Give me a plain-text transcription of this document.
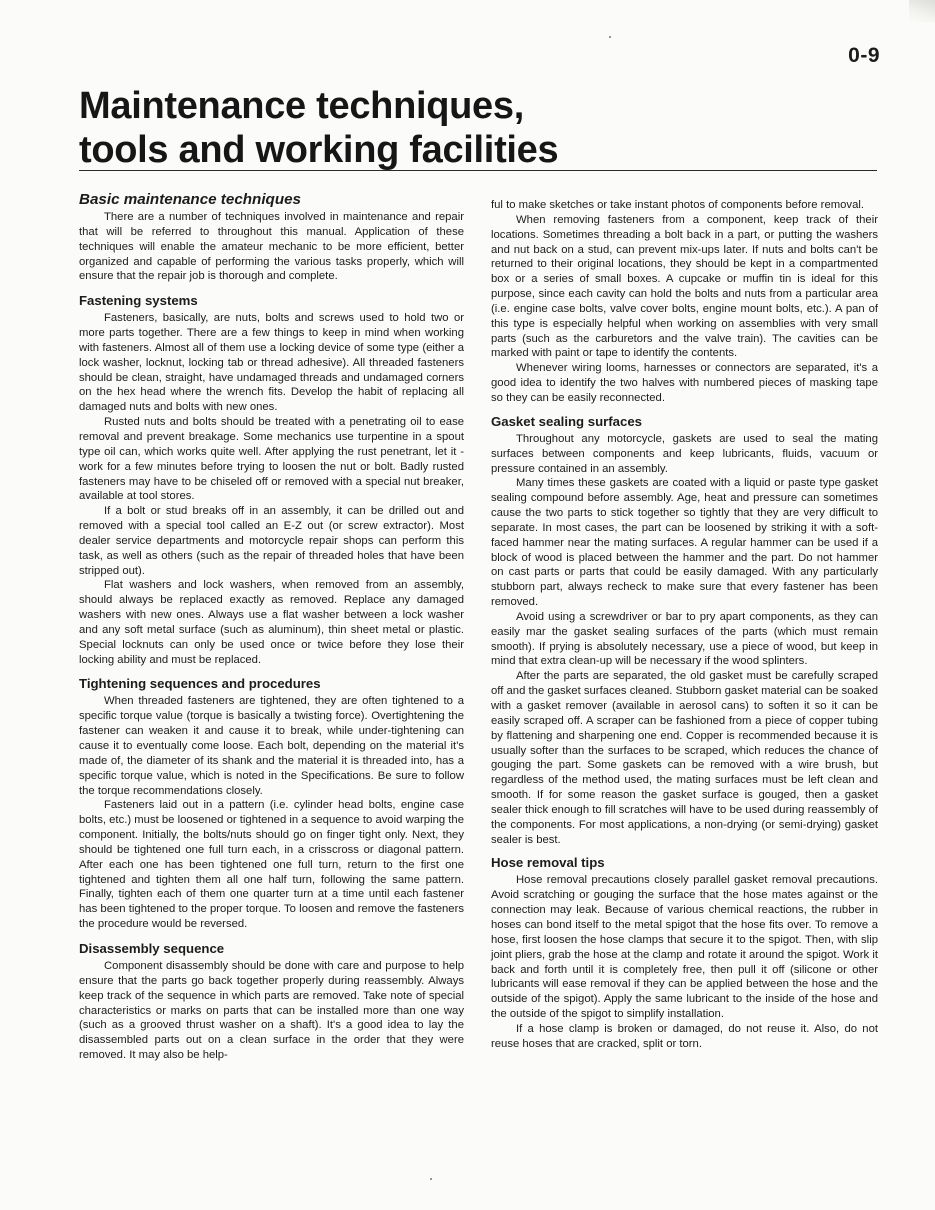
0-9
Maintenance techniques,
tools and working facilities
Basic maintenance techniques

There are a number of techniques involved in maintenance and repair that will be referred to throughout this manual. Application of these techniques will enable the amateur mechanic to be more efficient, better organized and capable of performing the various tasks properly, which will ensure that the repair job is thorough and complete.

Fastening systems

Fasteners, basically, are nuts, bolts and screws used to hold two or more parts together. There are a few things to keep in mind when working with fasteners. Almost all of them use a locking device of some type (either a lock washer, locknut, locking tab or thread adhesive). All threaded fasteners should be clean, straight, have undamaged threads and undamaged corners on the hex head where the wrench fits. Develop the habit of replacing all damaged nuts and bolts with new ones.

Rusted nuts and bolts should be treated with a penetrating oil to ease removal and prevent breakage. Some mechanics use turpentine in a spout type oil can, which works quite well. After applying the rust penetrant, let it -work for a few minutes before trying to loosen the nut or bolt. Badly rusted fasteners may have to be chiseled off or removed with a special nut breaker, available at tool stores.

If a bolt or stud breaks off in an assembly, it can be drilled out and removed with a special tool called an E-Z out (or screw extractor). Most dealer service departments and motorcycle repair shops can perform this task, as well as others (such as the repair of threaded holes that have been stripped out).

Flat washers and lock washers, when removed from an assembly, should always be replaced exactly as removed. Replace any damaged washers with new ones. Always use a flat washer between a lock washer and any soft metal surface (such as aluminum), thin sheet metal or plastic. Special locknuts can only be used once or twice before they lose their locking ability and must be replaced.

Tightening sequences and procedures

When threaded fasteners are tightened, they are often tightened to a specific torque value (torque is basically a twisting force). Overtightening the fastener can weaken it and cause it to break, while under-tightening can cause it to eventually come loose. Each bolt, depending on the material it's made of, the diameter of its shank and the material it is threaded into, has a specific torque value, which is noted in the Specifications. Be sure to follow the torque recommendations closely.

Fasteners laid out in a pattern (i.e. cylinder head bolts, engine case bolts, etc.) must be loosened or tightened in a sequence to avoid warping the component. Initially, the bolts/nuts should go on finger tight only. Next, they should be tightened one full turn each, in a crisscross or diagonal pattern. After each one has been tightened one full turn, return to the first one tightened and tighten them all one half turn, following the same pattern. Finally, tighten each of them one quarter turn at a time until each fastener has been tightened to the proper torque. To loosen and remove the fasteners the procedure would be reversed.

Disassembly sequence

Component disassembly should be done with care and purpose to help ensure that the parts go back together properly during reassembly. Always keep track of the sequence in which parts are removed. Take note of special characteristics or marks on parts that can be installed more than one way (such as a grooved thrust washer on a shaft). It's a good idea to lay the disassembled parts out on a clean surface in the order that they were removed. It may also be help-

ful to make sketches or take instant photos of components before removal.

When removing fasteners from a component, keep track of their locations. Sometimes threading a bolt back in a part, or putting the washers and nut back on a stud, can prevent mix-ups later. If nuts and bolts can't be returned to their original locations, they should be kept in a compartmented box or a series of small boxes. A cupcake or muffin tin is ideal for this purpose, since each cavity can hold the bolts and nuts from a particular area (i.e. engine case bolts, valve cover bolts, engine mount bolts, etc.). A pan of this type is especially helpful when working on assemblies with very small parts (such as the carburetors and the valve train). The cavities can be marked with paint or tape to identify the contents.

Whenever wiring looms, harnesses or connectors are separated, it's a good idea to identify the two halves with numbered pieces of masking tape so they can be easily reconnected.

Gasket sealing surfaces

Throughout any motorcycle, gaskets are used to seal the mating surfaces between components and keep lubricants, fluids, vacuum or pressure contained in an assembly.

Many times these gaskets are coated with a liquid or paste type gasket sealing compound before assembly. Age, heat and pressure can sometimes cause the two parts to stick together so tightly that they are very difficult to separate. In most cases, the part can be loosened by striking it with a soft-faced hammer near the mating surfaces. A regular hammer can be used if a block of wood is placed between the hammer and the part. Do not hammer on cast parts or parts that could be easily damaged. With any particularly stubborn part, always recheck to make sure that every fastener has been removed.

Avoid using a screwdriver or bar to pry apart components, as they can easily mar the gasket sealing surfaces of the parts (which must remain smooth). If prying is absolutely necessary, use a piece of wood, but keep in mind that extra clean-up will be necessary if the wood splinters.

After the parts are separated, the old gasket must be carefully scraped off and the gasket surfaces cleaned. Stubborn gasket material can be soaked with a gasket remover (available in aerosol cans) to soften it so it can be easily scraped off. A scraper can be fashioned from a piece of copper tubing by flattening and sharpening one end. Copper is recommended because it is usually softer than the surfaces to be scraped, which reduces the chance of gouging the part. Some gaskets can be removed with a wire brush, but regardless of the method used, the mating surfaces must be left clean and smooth. If for some reason the gasket surface is gouged, then a gasket sealer thick enough to fill scratches will have to be used during reassembly of the components. For most applications, a non-drying (or semi-drying) gasket sealer is best.

Hose removal tips

Hose removal precautions closely parallel gasket removal precautions. Avoid scratching or gouging the surface that the hose mates against or the connection may leak. Because of various chemical reactions, the rubber in hoses can bond itself to the metal spigot that the hose fits over. To remove a hose, first loosen the hose clamps that secure it to the spigot. Then, with slip joint pliers, grab the hose at the clamp and rotate it around the spigot. Work it back and forth until it is completely free, then pull it off (silicone or other lubricants will ease removal if they can be applied between the hose and the outside of the spigot). Apply the same lubricant to the inside of the hose and the outside of the spigot to simplify installation.

If a hose clamp is broken or damaged, do not reuse it. Also, do not reuse hoses that are cracked, split or torn.
